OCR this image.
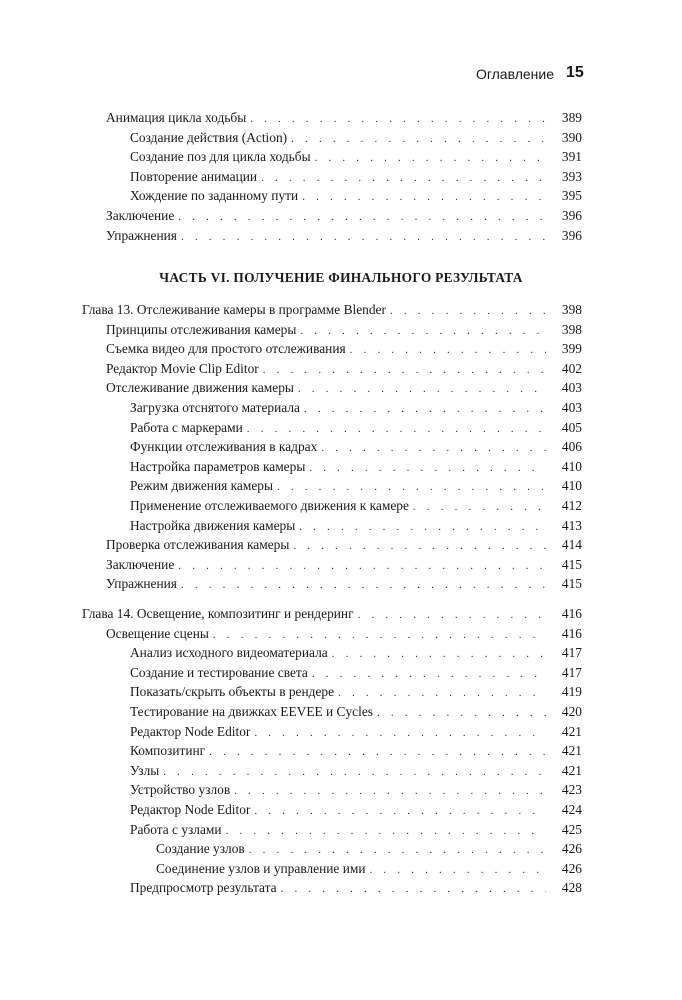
Оглавление 15
Анимация цикла ходьбы . . .	389
Создание действия (Action) . . .	390
Создание поз для цикла ходьбы . . .	391
Повторение анимации . . .	393
Хождение по заданному пути . . .	395
Заключение . . .	396
Упражнения . . .	396
ЧАСТЬ VI. ПОЛУЧЕНИЕ ФИНАЛЬНОГО РЕЗУЛЬТАТА
Глава 13. Отслеживание камеры в программе Blender . . .	398
Принципы отслеживания камеры . . .	398
Съемка видео для простого отслеживания . . .	399
Редактор Movie Clip Editor . . .	402
Отслеживание движения камеры . . .	403
Загрузка отснятого материала . . .	403
Работа с маркерами . . .	405
Функции отслеживания в кадрах . . .	406
Настройка параметров камеры . . .	410
Режим движения камеры . . .	410
Применение отслеживаемого движения к камере . . .	412
Настройка движения камеры . . .	413
Проверка отслеживания камеры . . .	414
Заключение . . .	415
Упражнения . . .	415
Глава 14. Освещение, композитинг и рендеринг . . .	416
Освещение сцены . . .	416
Анализ исходного видеоматериала . . .	417
Создание и тестирование света . . .	417
Показать/скрыть объекты в рендере . . .	419
Тестирование на движках EEVEE и Cycles . . .	420
Редактор Node Editor . . .	421
Композитинг . . .	421
Узлы . . .	421
Устройство узлов . . .	423
Редактор Node Editor . . .	424
Работа с узлами . . .	425
Создание узлов . . .	426
Соединение узлов и управление ими . . .	426
Предпросмотр результата . . .	428
